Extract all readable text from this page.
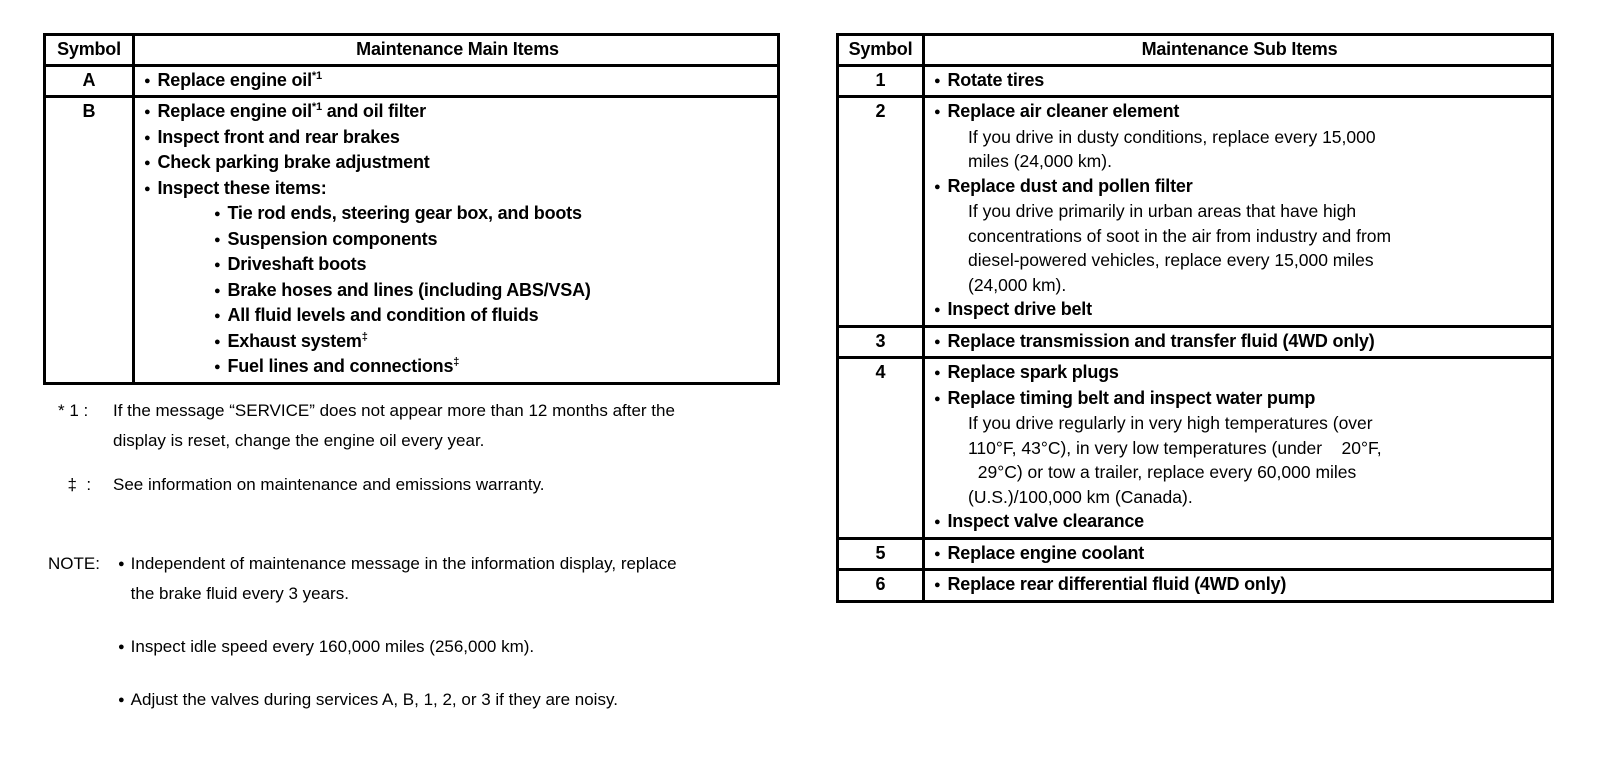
Symbol	Maintenance Main Items
A	● Replace engine oil$^{*1}$
B	● Replace engine oil$^{*1}$ and oil filter
● Inspect front and rear brakes
● Check parking brake adjustment
● Inspect these items:
● Tie rod ends, steering gear box, and boots
● Suspension components
● Driveshaft boots
● Brake hoses and lines (including ABS/VSA)
● All fluid levels and condition of fluids
● Exhaust system‡
● Fuel lines and connections‡
Symbol	Maintenance Sub Items
1	● Rotate tires
2	● Replace air cleaner element
If you drive in dusty conditions, replace every 15,000
miles (24,000 km).
● Replace dust and pollen filter
If you drive primarily in urban areas that have high
concentrations of soot in the air from industry and from
diesel-powered vehicles, replace every 15,000 miles
(24,000 km).
● Inspect drive belt
3	● Replace transmission and transfer fluid (4WD only)
4	● Replace spark plugs
● Replace timing belt and inspect water pump
If you drive regularly in very high temperatures (over
110°F, 43°C), in very low temperatures (under    20°F,
29°C) or tow a trailer, replace every 60,000 miles
(U.S.)/100,000 km (Canada).
● Inspect valve clearance
5	● Replace engine coolant
6	● Replace rear differential fluid (4WD only)
* 1 :	If the message “SERVICE” does not appear more than 12 months after the
display is reset, change the engine oil every year.
‡  :	See information on maintenance and emissions warranty.
NOTE:	● Independent of maintenance message in the information display, replace
the brake fluid every 3 years.
● Inspect idle speed every 160,000 miles (256,000 km).
● Adjust the valves during services A, B, 1, 2, or 3 if they are noisy.
